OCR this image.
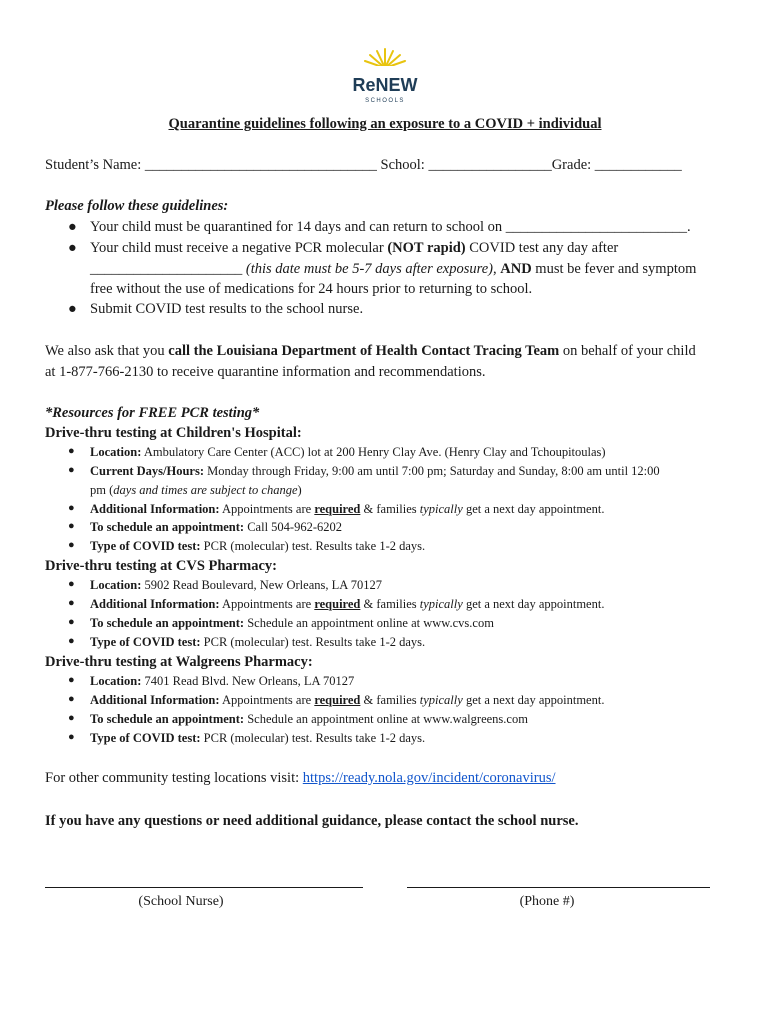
ReNEW
SCHOOLS
Quarantine guidelines following an exposure to a COVID + individual
Student’s Name: ________________________________ School: _________________Grade: ____________
Please follow these guidelines:
● Your child must be quarantined for 14 days and can return to school on _________________________.
● Your child must receive a negative PCR molecular (NOT rapid) COVID test any day after
_____________________ (this date must be 5-7 days after exposure), AND must be fever and symptom
free without the use of medications for 24 hours prior to returning to school.
● Submit COVID test results to the school nurse.
We also ask that you call the Louisiana Department of Health Contact Tracing Team on behalf of your child
at 1-877-766-2130 to receive quarantine information and recommendations.
*Resources for FREE PCR testing*
Drive-thru testing at Children's Hospital:
● Location: Ambulatory Care Center (ACC) lot at 200 Henry Clay Ave. (Henry Clay and Tchoupitoulas)
● Current Days/Hours: Monday through Friday, 9:00 am until 7:00 pm; Saturday and Sunday, 8:00 am until 12:00
pm (days and times are subject to change)
● Additional Information: Appointments are required & families typically get a next day appointment.
● To schedule an appointment: Call 504-962-6202
● Type of COVID test: PCR (molecular) test. Results take 1-2 days.
Drive-thru testing at CVS Pharmacy:
● Location: 5902 Read Boulevard, New Orleans, LA 70127
● Additional Information: Appointments are required & families typically get a next day appointment.
● To schedule an appointment: Schedule an appointment online at www.cvs.com
● Type of COVID test: PCR (molecular) test. Results take 1-2 days.
Drive-thru testing at Walgreens Pharmacy:
● Location: 7401 Read Blvd. New Orleans, LA 70127
● Additional Information: Appointments are required & families typically get a next day appointment.
● To schedule an appointment: Schedule an appointment online at www.walgreens.com
● Type of COVID test: PCR (molecular) test. Results take 1-2 days.
For other community testing locations visit: https://ready.nola.gov/incident/coronavirus/
If you have any questions or need additional guidance, please contact the school nurse.
(School Nurse)	(Phone #)
